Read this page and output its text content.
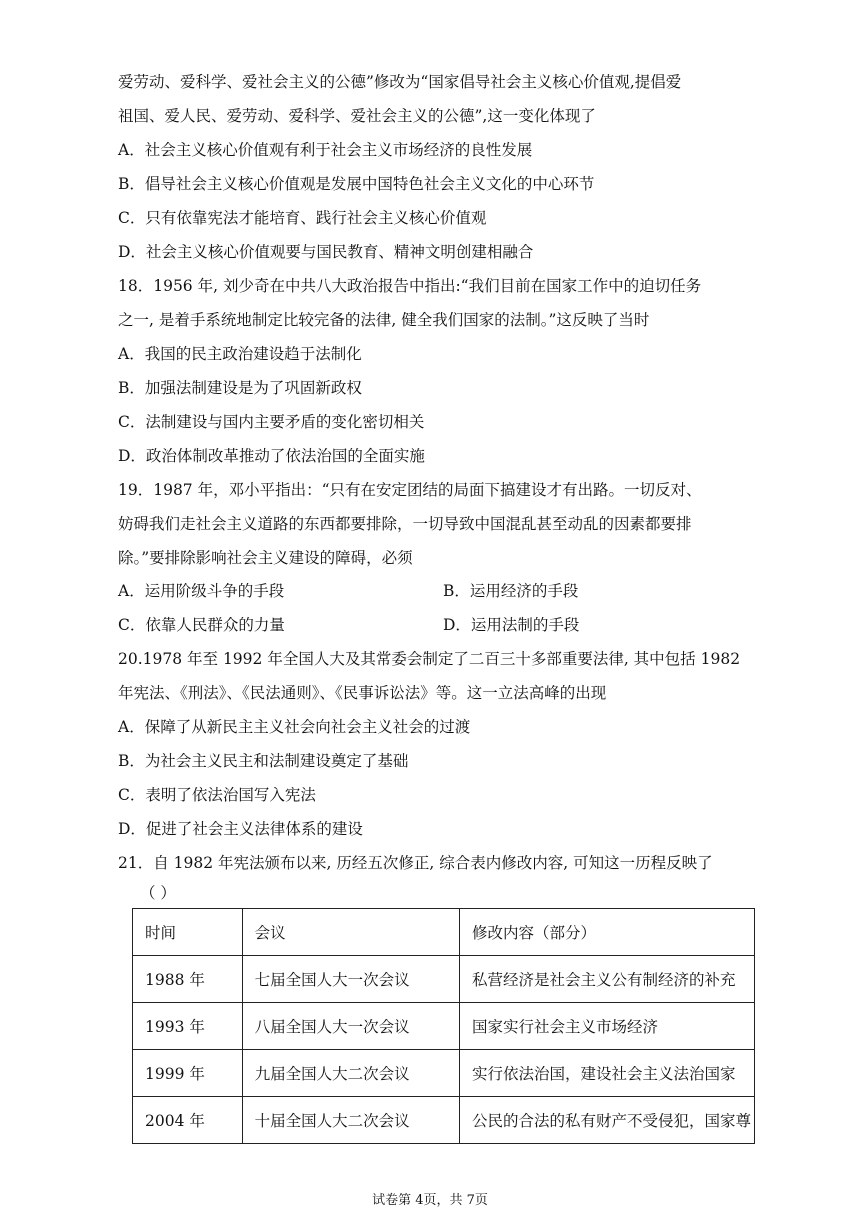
爱劳动、爱科学、爱社会主义的公德”修改为“国家倡导社会主义核心价值观,提倡爱
祖国、爱人民、爱劳动、爱科学、爱社会主义的公德”,这一变化体现了
A．社会主义核心价值观有利于社会主义市场经济的良性发展
B．倡导社会主义核心价值观是发展中国特色社会主义文化的中心环节
C．只有依靠宪法才能培育、践行社会主义核心价值观
D．社会主义核心价值观要与国民教育、精神文明创建相融合
18．1956 年, 刘少奇在中共八大政治报告中指出:“我们目前在国家工作中的迫切任务
之一, 是着手系统地制定比较完备的法律, 健全我们国家的法制。”这反映了当时
A．我国的民主政治建设趋于法制化
B．加强法制建设是为了巩固新政权
C．法制建设与国内主要矛盾的变化密切相关
D．政治体制改革推动了依法治国的全面实施
19．1987 年，邓小平指出：“只有在安定团结的局面下搞建设才有出路。一切反对、
妨碍我们走社会主义道路的东西都要排除，一切导致中国混乱甚至动乱的因素都要排
除。”要排除影响社会主义建设的障碍，必须
A．运用阶级斗争的手段	B．运用经济的手段
C．依靠人民群众的力量	D．运用法制的手段
20.1978 年至 1992 年全国人大及其常委会制定了二百三十多部重要法律, 其中包括 1982
年宪法、《刑法》、《民法通则》、《民事诉讼法》等。这一立法高峰的出现
A．保障了从新民主主义社会向社会主义社会的过渡
B．为社会主义民主和法制建设奠定了基础
C．表明了依法治国写入宪法
D．促进了社会主义法律体系的建设
21．自 1982 年宪法颁布以来, 历经五次修正, 综合表内修改内容, 可知这一历程反映了
（ ）
时间	会议	修改内容（部分）
1988 年	七届全国人大一次会议	私营经济是社会主义公有制经济的补充
1993 年	八届全国人大一次会议	国家实行社会主义市场经济
1999 年	九届全国人大二次会议	实行依法治国，建设社会主义法治国家
2004 年	十届全国人大二次会议	公民的合法的私有财产不受侵犯，国家尊
试卷第 4页，共 7页
